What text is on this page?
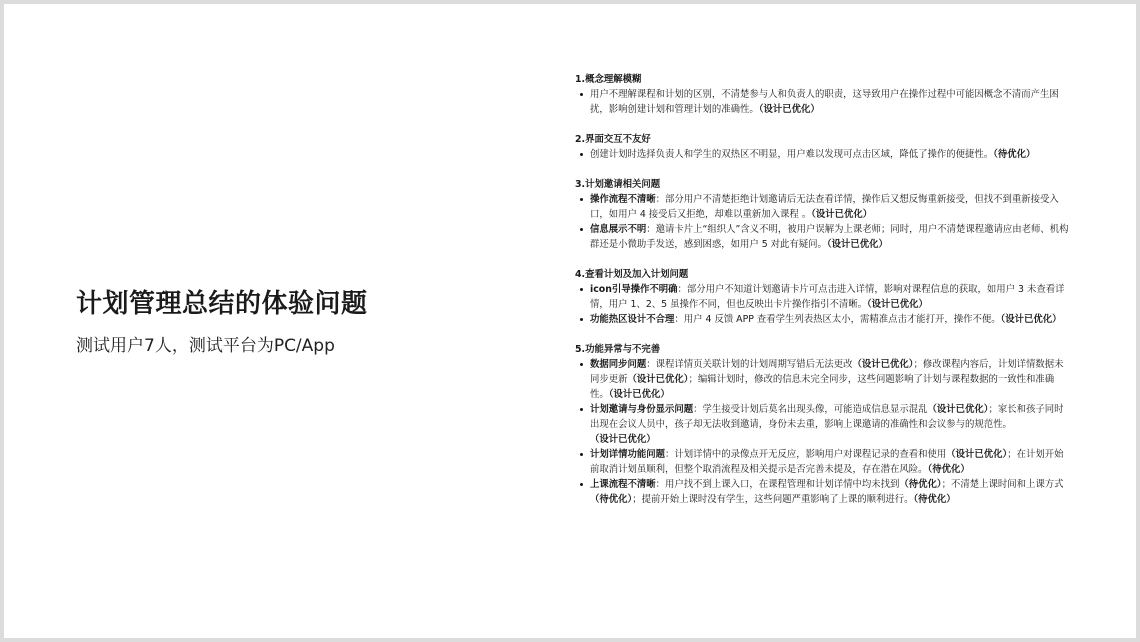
计划管理总结的体验问题
测试用户7人，测试平台为PC/App
1.概念理解模糊
用户不理解课程和计划的区别，不清楚参与人和负责人的职责，这导致用户在操作过程中可能因概念不清而产生困扰，影响创建计划和管理计划的准确性。（设计已优化）
2.界面交互不友好
创建计划时选择负责人和学生的双热区不明显，用户难以发现可点击区域，降低了操作的便捷性。（待优化）
3.计划邀请相关问题
操作流程不清晰：部分用户不清楚拒绝计划邀请后无法查看详情，操作后又想反悔重新接受，但找不到重新接受入口，如用户 4 接受后又拒绝，却难以重新加入课程 。（设计已优化）
信息展示不明：邀请卡片上“组织人”含义不明，被用户误解为上课老师；同时，用户不清楚课程邀请应由老师、机构群还是小微助手发送，感到困惑，如用户 5 对此有疑问。（设计已优化）
4.查看计划及加入计划问题
icon引导操作不明确：部分用户不知道计划邀请卡片可点击进入详情，影响对课程信息的获取，如用户 3 未查看详情，用户 1、2、5 虽操作不同，但也反映出卡片操作指引不清晰。（设计已优化）
功能热区设计不合理：用户 4 反馈 APP 查看学生列表热区太小，需精准点击才能打开，操作不便。（设计已优化）
5.功能异常与不完善
数据同步问题：课程详情页关联计划的计划周期写错后无法更改（设计已优化）；修改课程内容后，计划详情数据未同步更新（设计已优化）；编辑计划时，修改的信息未完全同步，这些问题影响了计划与课程数据的一致性和准确性。（设计已优化）
计划邀请与身份显示问题：学生接受计划后莫名出现头像，可能造成信息显示混乱（设计已优化）；家长和孩子同时出现在会议人员中，孩子却无法收到邀请，身份未去重，影响上课邀请的准确性和会议参与的规范性。（设计已优化）
计划详情功能问题：计划详情中的录像点开无反应，影响用户对课程记录的查看和使用（设计已优化）；在计划开始前取消计划虽顺利，但整个取消流程及相关提示是否完善未提及，存在潜在风险。（待优化）
上课流程不清晰：用户找不到上课入口，在课程管理和计划详情中均未找到（待优化）；不清楚上课时间和上课方式（待优化）；提前开始上课时没有学生，这些问题严重影响了上课的顺利进行。（待优化）
